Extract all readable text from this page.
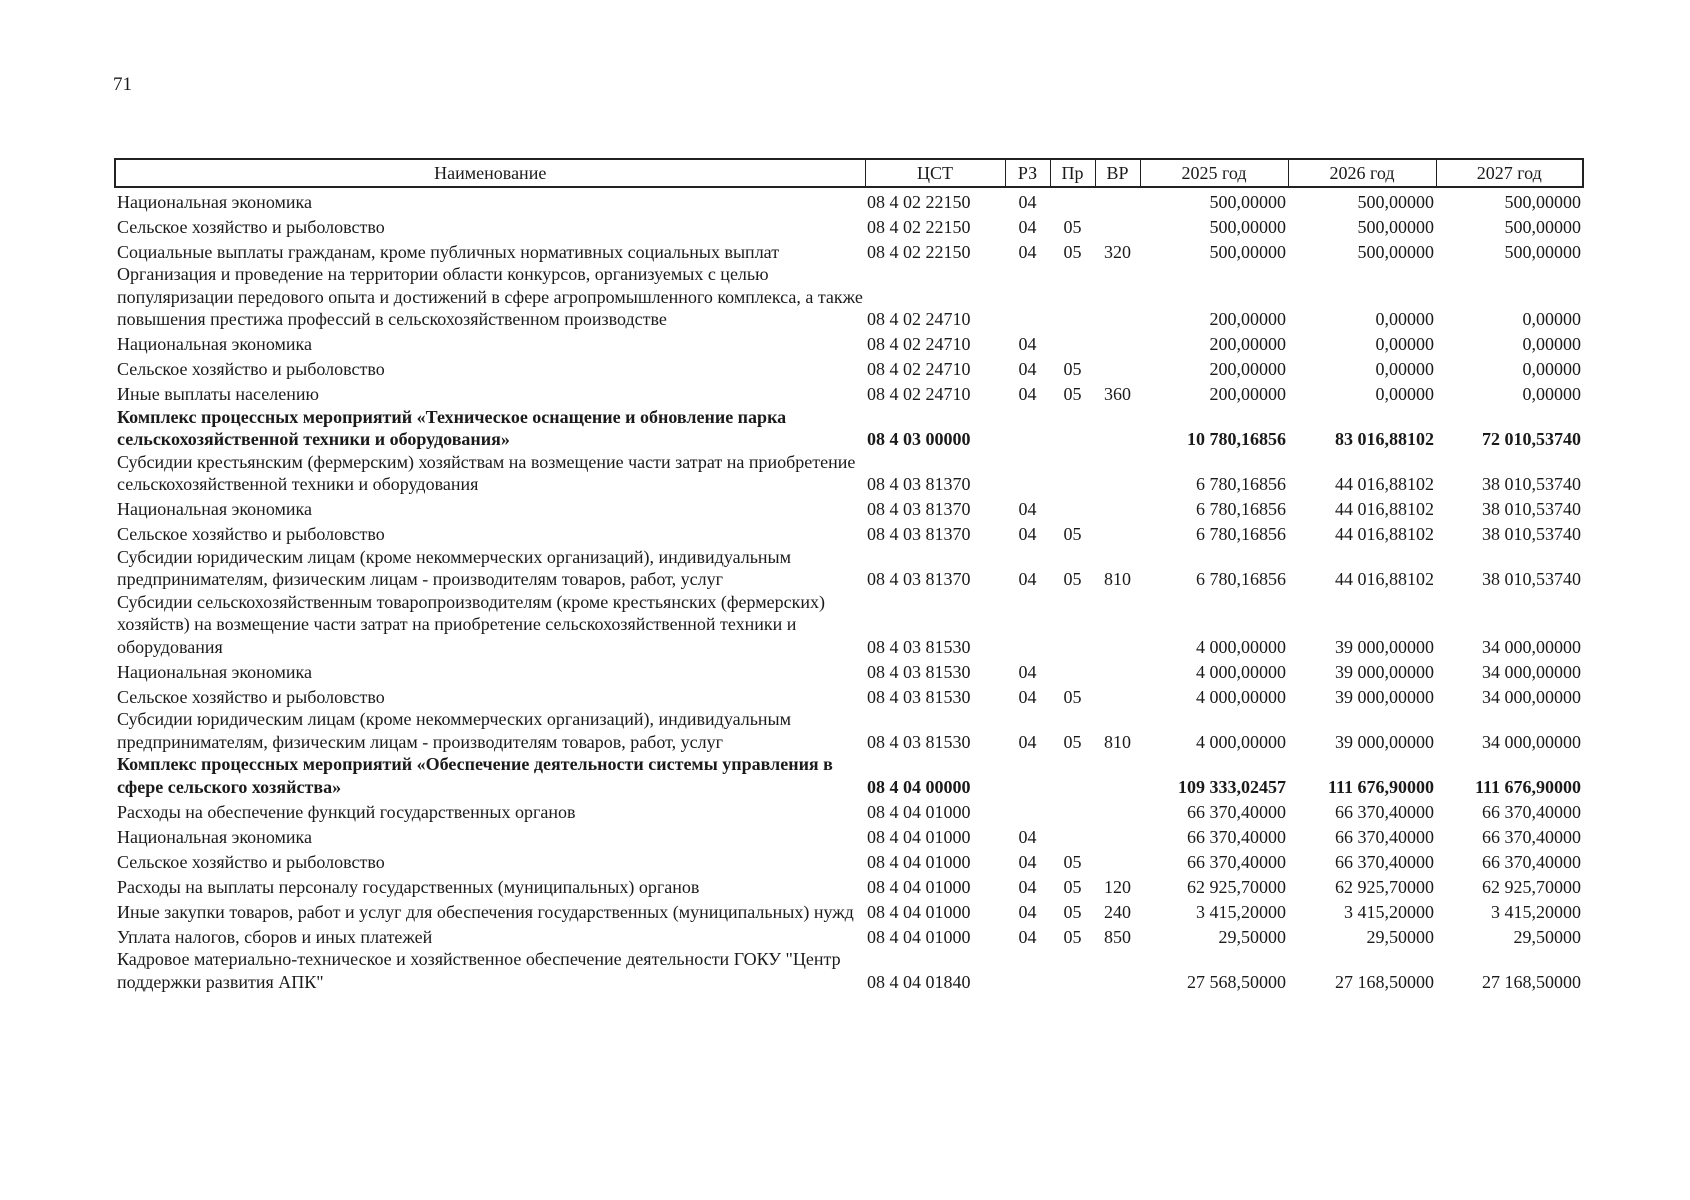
71
Наименование	ЦСТ	РЗ	Пр	ВР	2025 год	2026 год	2027 год
Национальная экономика	08 4 02 22150	04			500,00000	500,00000	500,00000
Сельское хозяйство и рыболовство	08 4 02 22150	04	05		500,00000	500,00000	500,00000
Социальные выплаты гражданам, кроме публичных нормативных социальных выплат	08 4 02 22150	04	05	320	500,00000	500,00000	500,00000
Организация и проведение на территории области конкурсов, организуемых с целью популяризации передового опыта и достижений в сфере агропромышленного комплекса, а также повышения престижа профессий в сельскохозяйственном производстве	08 4 02 24710				200,00000	0,00000	0,00000
Национальная экономика	08 4 02 24710	04			200,00000	0,00000	0,00000
Сельское хозяйство и рыболовство	08 4 02 24710	04	05		200,00000	0,00000	0,00000
Иные выплаты населению	08 4 02 24710	04	05	360	200,00000	0,00000	0,00000
Комплекс процессных мероприятий «Техническое оснащение и обновление парка сельскохозяйственной техники и оборудования»	08 4 03 00000				10 780,16856	83 016,88102	72 010,53740
Субсидии крестьянским (фермерским) хозяйствам на возмещение части затрат на приобретение сельскохозяйственной техники и оборудования	08 4 03 81370				6 780,16856	44 016,88102	38 010,53740
Национальная экономика	08 4 03 81370	04			6 780,16856	44 016,88102	38 010,53740
Сельское хозяйство и рыболовство	08 4 03 81370	04	05		6 780,16856	44 016,88102	38 010,53740
Субсидии юридическим лицам (кроме некоммерческих организаций), индивидуальным предпринимателям, физическим лицам - производителям товаров, работ, услуг	08 4 03 81370	04	05	810	6 780,16856	44 016,88102	38 010,53740
Субсидии сельскохозяйственным товаропроизводителям (кроме крестьянских (фермерских) хозяйств) на возмещение части затрат на приобретение сельскохозяйственной техники и оборудования	08 4 03 81530				4 000,00000	39 000,00000	34 000,00000
Национальная экономика	08 4 03 81530	04			4 000,00000	39 000,00000	34 000,00000
Сельское хозяйство и рыболовство	08 4 03 81530	04	05		4 000,00000	39 000,00000	34 000,00000
Субсидии юридическим лицам (кроме некоммерческих организаций), индивидуальным предпринимателям, физическим лицам - производителям товаров, работ, услуг	08 4 03 81530	04	05	810	4 000,00000	39 000,00000	34 000,00000
Комплекс процессных мероприятий «Обеспечение деятельности системы управления в сфере сельского хозяйства»	08 4 04 00000				109 333,02457	111 676,90000	111 676,90000
Расходы на обеспечение функций государственных органов	08 4 04 01000				66 370,40000	66 370,40000	66 370,40000
Национальная экономика	08 4 04 01000	04			66 370,40000	66 370,40000	66 370,40000
Сельское хозяйство и рыболовство	08 4 04 01000	04	05		66 370,40000	66 370,40000	66 370,40000
Расходы на выплаты персоналу государственных (муниципальных) органов	08 4 04 01000	04	05	120	62 925,70000	62 925,70000	62 925,70000
Иные закупки товаров, работ и услуг для обеспечения государственных (муниципальных) нужд	08 4 04 01000	04	05	240	3 415,20000	3 415,20000	3 415,20000
Уплата налогов, сборов и иных платежей	08 4 04 01000	04	05	850	29,50000	29,50000	29,50000
Кадровое материально-техническое и хозяйственное обеспечение деятельности ГОКУ "Центр поддержки развития АПК"	08 4 04 01840				27 568,50000	27 168,50000	27 168,50000
